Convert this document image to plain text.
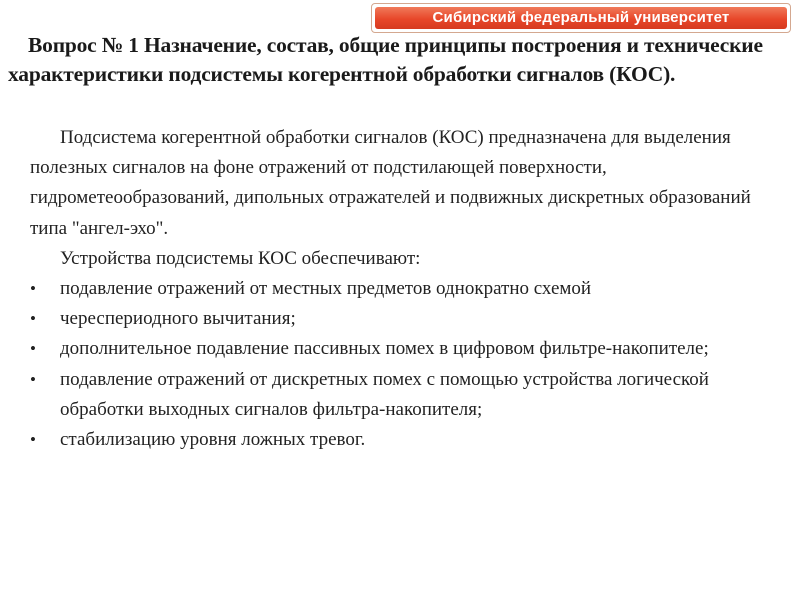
Сибирский федеральный университет
Вопрос № 1 Назначение, состав, общие принципы построения и технические характеристики подсистемы когерентной обработки сигналов (КОС).

Подсистема когерентной обработки сигналов (КОС) предназначена для выделения полезных сигналов на фоне отражений от подстилающей поверхности, гидрометеообразований, дипольных отражателей и подвижных дискретных образований типа "ангел-эхо".

Устройства подсистемы КОС обеспечивают:

•	подавление отражений от местных предметов однократно схемой
•	череспериодного вычитания;
•	дополнительное подавление пассивных помех в цифровом фильтре-накопителе;
•	подавление отражений от дискретных помех с помощью устройства логической обработки выходных сигналов фильтра-накопителя;
•	стабилизацию уровня ложных тревог.
